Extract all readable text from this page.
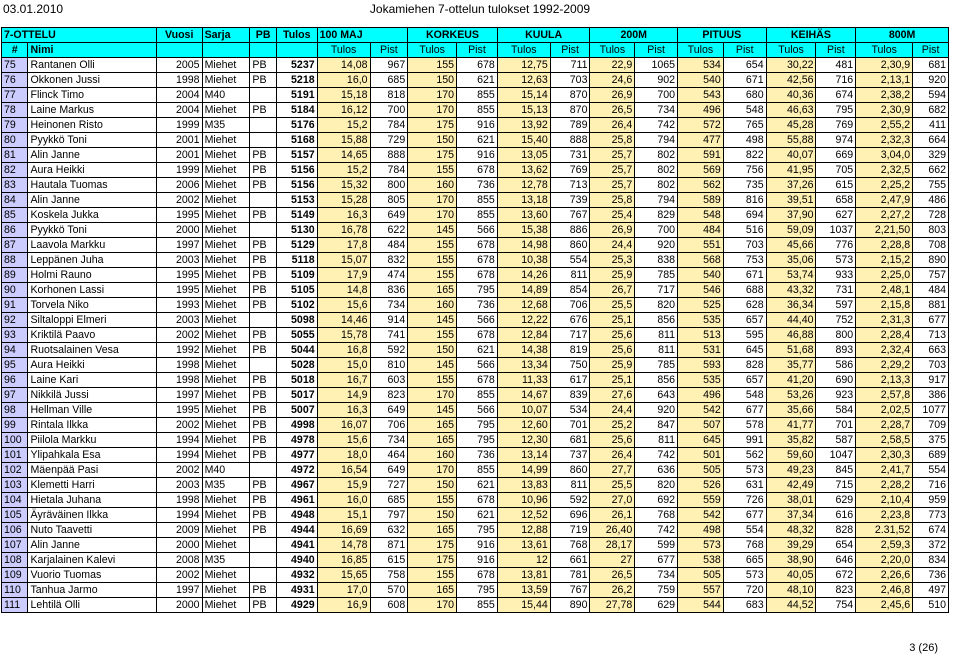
03.01.2010	Jokamiehen 7-ottelun tulokset 1992-2009
7-OTTELU		Vuosi	Sarja	PB	Tulos	100 MAJ		KORKEUS		KUULA		200M		PITUUS		KEIHÄS		800M	
#	Nimi					Tulos	Pist	Tulos	Pist	Tulos	Pist	Tulos	Pist	Tulos	Pist	Tulos	Pist	Tulos	Pist
75	Rantanen Olli	2005	Miehet	PB	5237	14,08	967	155	678	12,75	711	22,9	1065	534	654	30,22	481	2,30,9	681
76	Okkonen Jussi	1998	Miehet	PB	5218	16,0	685	150	621	12,63	703	24,6	902	540	671	42,56	716	2,13,1	920
77	Flinck Timo	2004	M40		5191	15,18	818	170	855	15,14	870	26,9	700	543	680	40,36	674	2,38,2	594
78	Laine Markus	2004	Miehet	PB	5184	16,12	700	170	855	15,13	870	26,5	734	496	548	46,63	795	2,30,9	682
79	Heinonen Risto	1999	M35		5176	15,2	784	175	916	13,92	789	26,4	742	572	765	45,28	769	2,55,2	411
80	Pyykkö Toni	2001	Miehet		5168	15,88	729	150	621	15,40	888	25,8	794	477	498	55,88	974	2,32,3	664
81	Alin Janne	2001	Miehet	PB	5157	14,65	888	175	916	13,05	731	25,7	802	591	822	40,07	669	3,04,0	329
82	Aura Heikki	1999	Miehet	PB	5156	15,2	784	155	678	13,62	769	25,7	802	569	756	41,95	705	2,32,5	662
83	Hautala Tuomas	2006	Miehet	PB	5156	15,32	800	160	736	12,78	713	25,7	802	562	735	37,26	615	2,25,2	755
84	Alin Janne	2002	Miehet		5153	15,28	805	170	855	13,18	739	25,8	794	589	816	39,51	658	2,47,9	486
85	Koskela Jukka	1995	Miehet	PB	5149	16,3	649	170	855	13,60	767	25,4	829	548	694	37,90	627	2,27,2	728
86	Pyykkö Toni	2000	Miehet		5130	16,78	622	145	566	15,38	886	26,9	700	484	516	59,09	1037	2,21,50	803
87	Laavola Markku	1997	Miehet	PB	5129	17,8	484	155	678	14,98	860	24,4	920	551	703	45,66	776	2,28,8	708
88	Leppänen Juha	2003	Miehet	PB	5118	15,07	832	155	678	10,38	554	25,3	838	568	753	35,06	573	2,15,2	890
89	Holmi Rauno	1995	Miehet	PB	5109	17,9	474	155	678	14,26	811	25,9	785	540	671	53,74	933	2,25,0	757
90	Korhonen Lassi	1995	Miehet	PB	5105	14,8	836	165	795	14,89	854	26,7	717	546	688	43,32	731	2,48,1	484
91	Torvela Niko	1993	Miehet	PB	5102	15,6	734	160	736	12,68	706	25,5	820	525	628	36,34	597	2,15,8	881
92	Siltaloppi Elmeri	2003	Miehet		5098	14,46	914	145	566	12,22	676	25,1	856	535	657	44,40	752	2,31,3	677
93	Kriktilä Paavo	2002	Miehet	PB	5055	15,78	741	155	678	12,84	717	25,6	811	513	595	46,88	800	2,28,4	713
94	Ruotsalainen Vesa	1992	Miehet	PB	5044	16,8	592	150	621	14,38	819	25,6	811	531	645	51,68	893	2,32,4	663
95	Aura Heikki	1998	Miehet		5028	15,0	810	145	566	13,34	750	25,9	785	593	828	35,77	586	2,29,2	703
96	Laine Kari	1998	Miehet	PB	5018	16,7	603	155	678	11,33	617	25,1	856	535	657	41,20	690	2,13,3	917
97	Nikkilä Jussi	1997	Miehet	PB	5017	14,9	823	170	855	14,67	839	27,6	643	496	548	53,26	923	2,57,8	386
98	Hellman Ville	1995	Miehet	PB	5007	16,3	649	145	566	10,07	534	24,4	920	542	677	35,66	584	2,02,5	1077
99	Rintala Ilkka	2002	Miehet	PB	4998	16,07	706	165	795	12,60	701	25,2	847	507	578	41,77	701	2,28,7	709
100	Piilola Markku	1994	Miehet	PB	4978	15,6	734	165	795	12,30	681	25,6	811	645	991	35,82	587	2,58,5	375
101	Ylipahkala Esa	1994	Miehet	PB	4977	18,0	464	160	736	13,14	737	26,4	742	501	562	59,60	1047	2,30,3	689
102	Mäenpää Pasi	2002	M40		4972	16,54	649	170	855	14,99	860	27,7	636	505	573	49,23	845	2,41,7	554
103	Klemetti Harri	2003	M35	PB	4967	15,9	727	150	621	13,83	811	25,5	820	526	631	42,49	715	2,28,2	716
104	Hietala Juhana	1998	Miehet	PB	4961	16,0	685	155	678	10,96	592	27,0	692	559	726	38,01	629	2,10,4	959
105	Äyräväinen Ilkka	1994	Miehet	PB	4948	15,1	797	150	621	12,52	696	26,1	768	542	677	37,34	616	2,23,8	773
106	Nuto Taavetti	2009	Miehet	PB	4944	16,69	632	165	795	12,88	719	26,40	742	498	554	48,32	828	2.31,52	674
107	Alin Janne	2000	Miehet		4941	14,78	871	175	916	13,61	768	28,17	599	573	768	39,29	654	2,59,3	372
108	Karjalainen Kalevi	2008	M35		4940	16,85	615	175	916	12	661	27	677	538	665	38,90	646	2,20,0	834
109	Vuorio Tuomas	2002	Miehet		4932	15,65	758	155	678	13,81	781	26,5	734	505	573	40,05	672	2,26,6	736
110	Tanhua Jarmo	1997	Miehet	PB	4931	17,0	570	165	795	13,59	767	26,2	759	557	720	48,10	823	2,46,8	497
111	Lehtilä Olli	2000	Miehet	PB	4929	16,9	608	170	855	15,44	890	27,78	629	544	683	44,52	754	2,45,6	510
3 (26)
